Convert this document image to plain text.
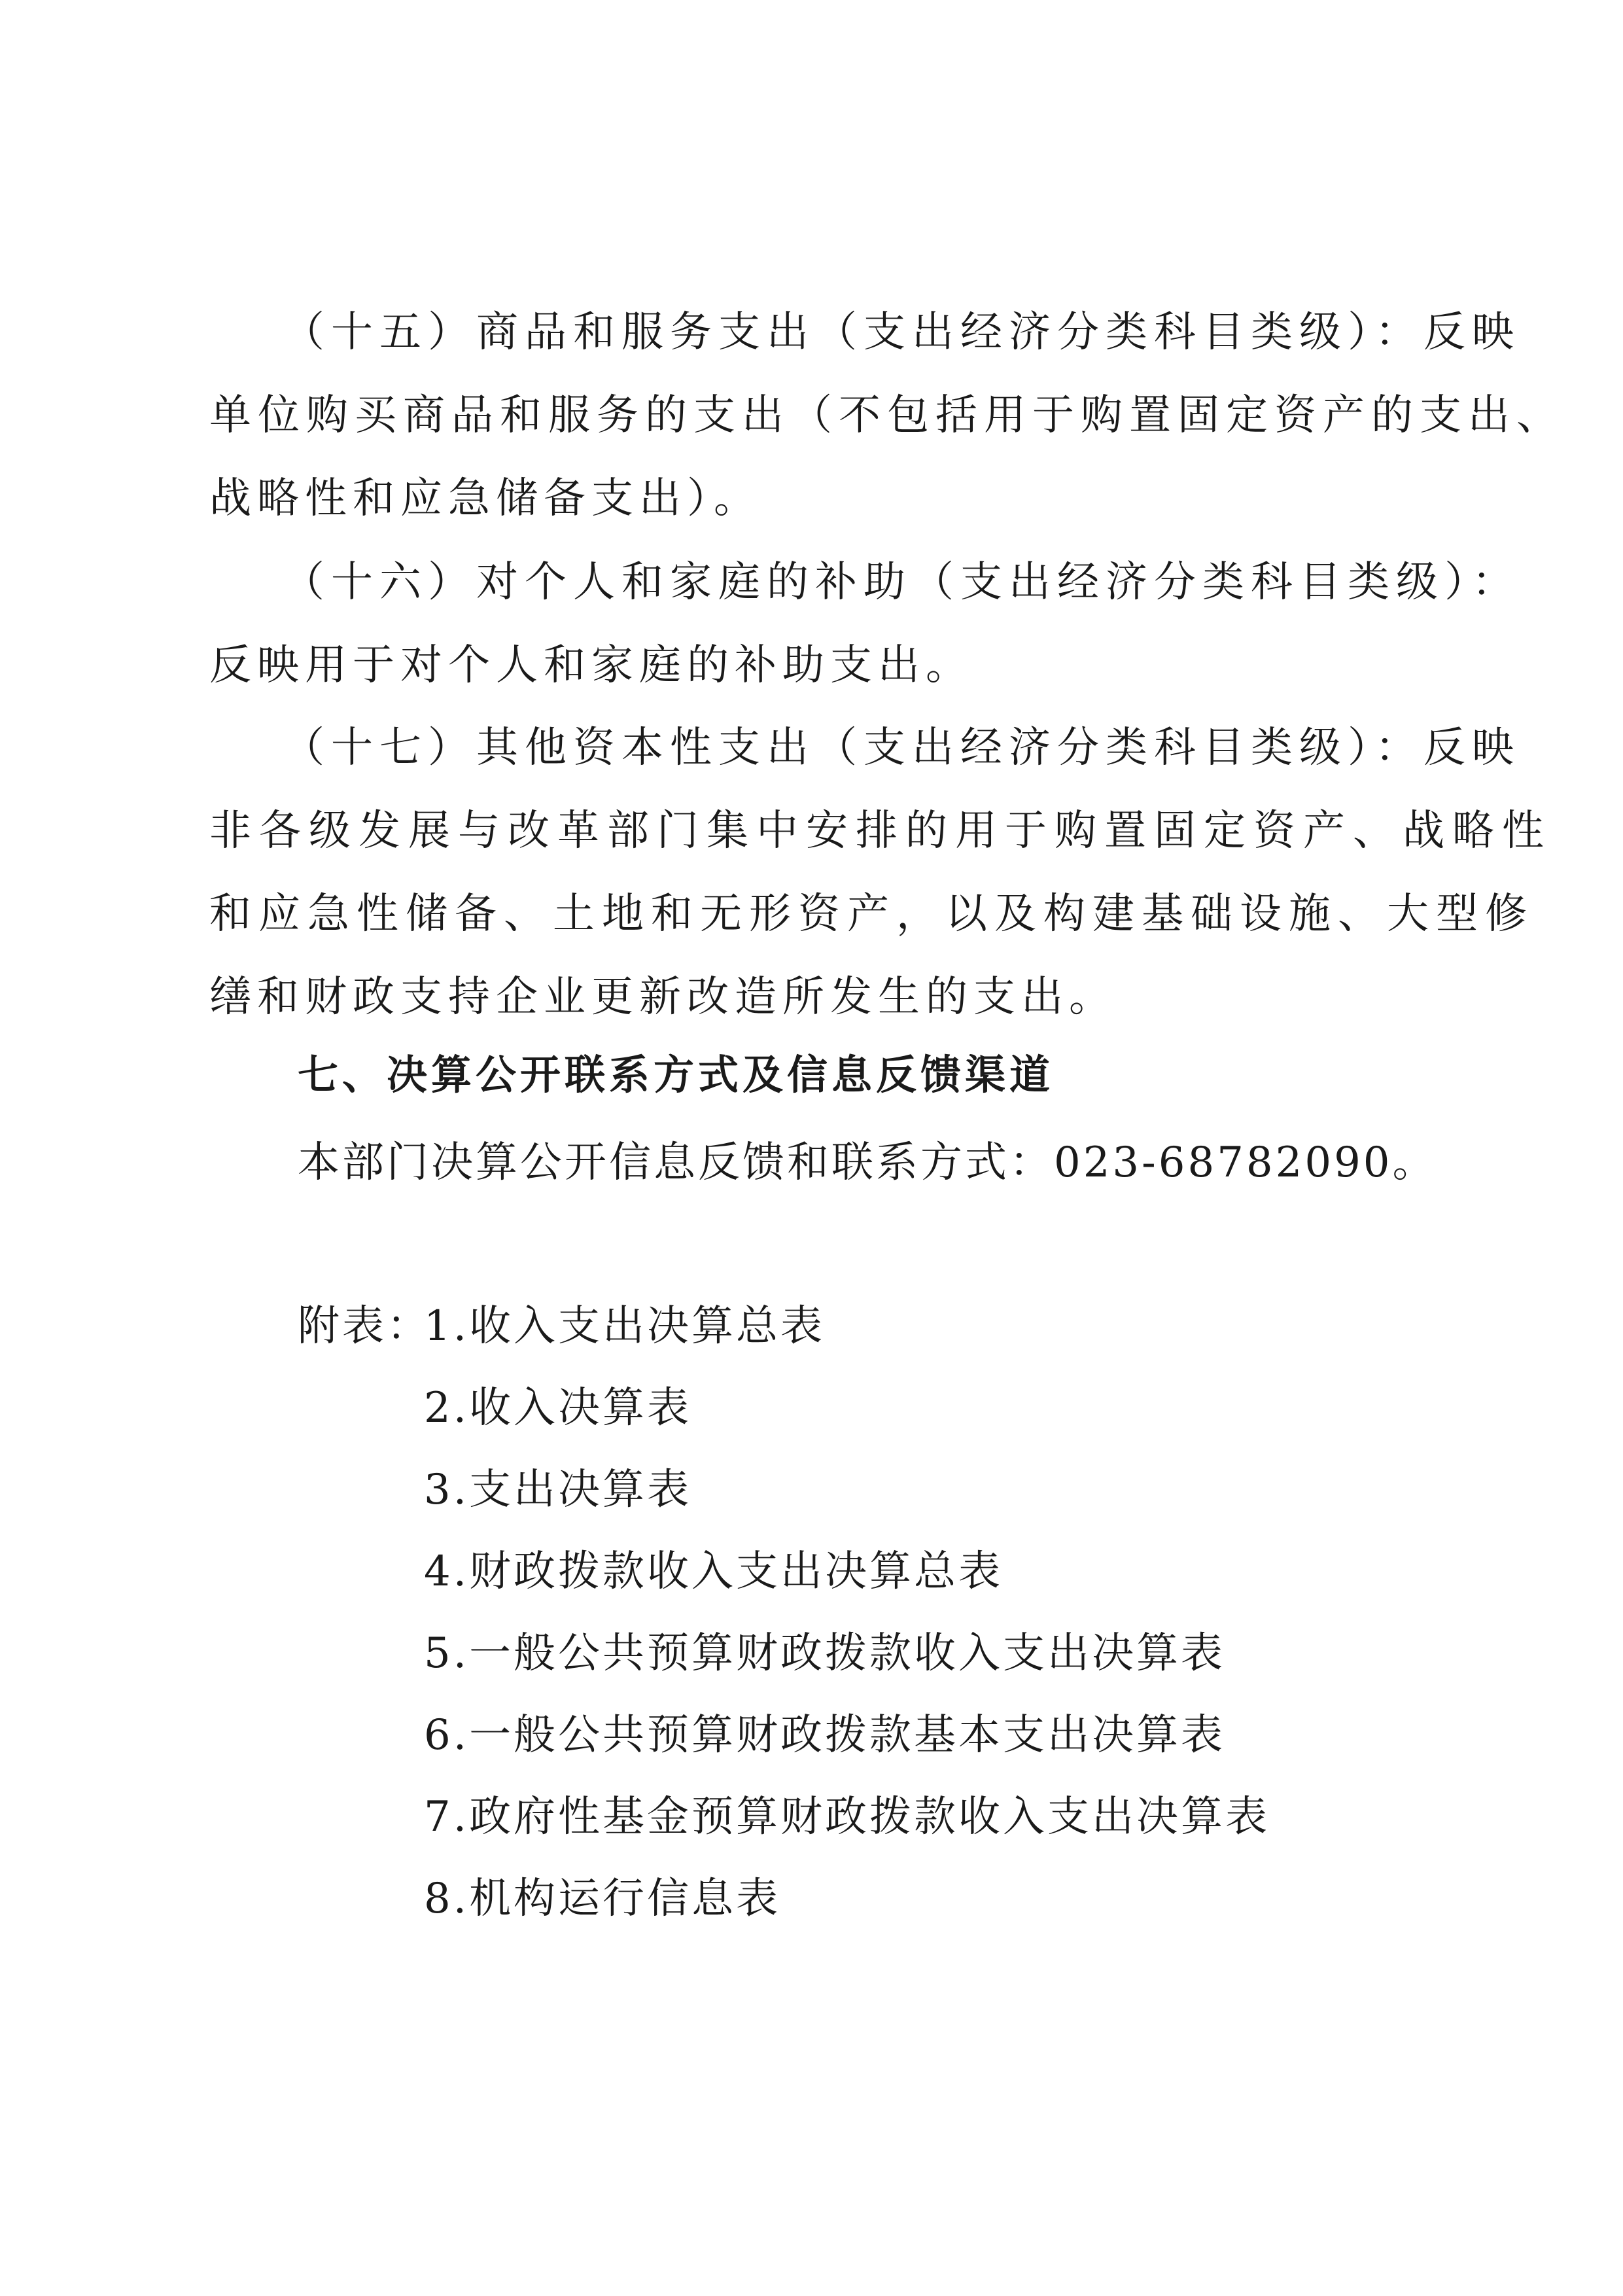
（十五）商品和服务支出（支出经济分类科目类级）：反映
单位购买商品和服务的支出（不包括用于购置固定资产的支出、
战略性和应急储备支出）。
（十六）对个人和家庭的补助（支出经济分类科目类级）：
反映用于对个人和家庭的补助支出。
（十七）其他资本性支出（支出经济分类科目类级）：反映
非各级发展与改革部门集中安排的用于购置固定资产、战略性
和应急性储备、土地和无形资产，以及构建基础设施、大型修
缮和财政支持企业更新改造所发生的支出。
七、决算公开联系方式及信息反馈渠道
本部门决算公开信息反馈和联系方式：023-68782090。
附表：
1.收入支出决算总表
2.收入决算表
3.支出决算表
4.财政拨款收入支出决算总表
5.一般公共预算财政拨款收入支出决算表
6.一般公共预算财政拨款基本支出决算表
7.政府性基金预算财政拨款收入支出决算表
8.机构运行信息表
